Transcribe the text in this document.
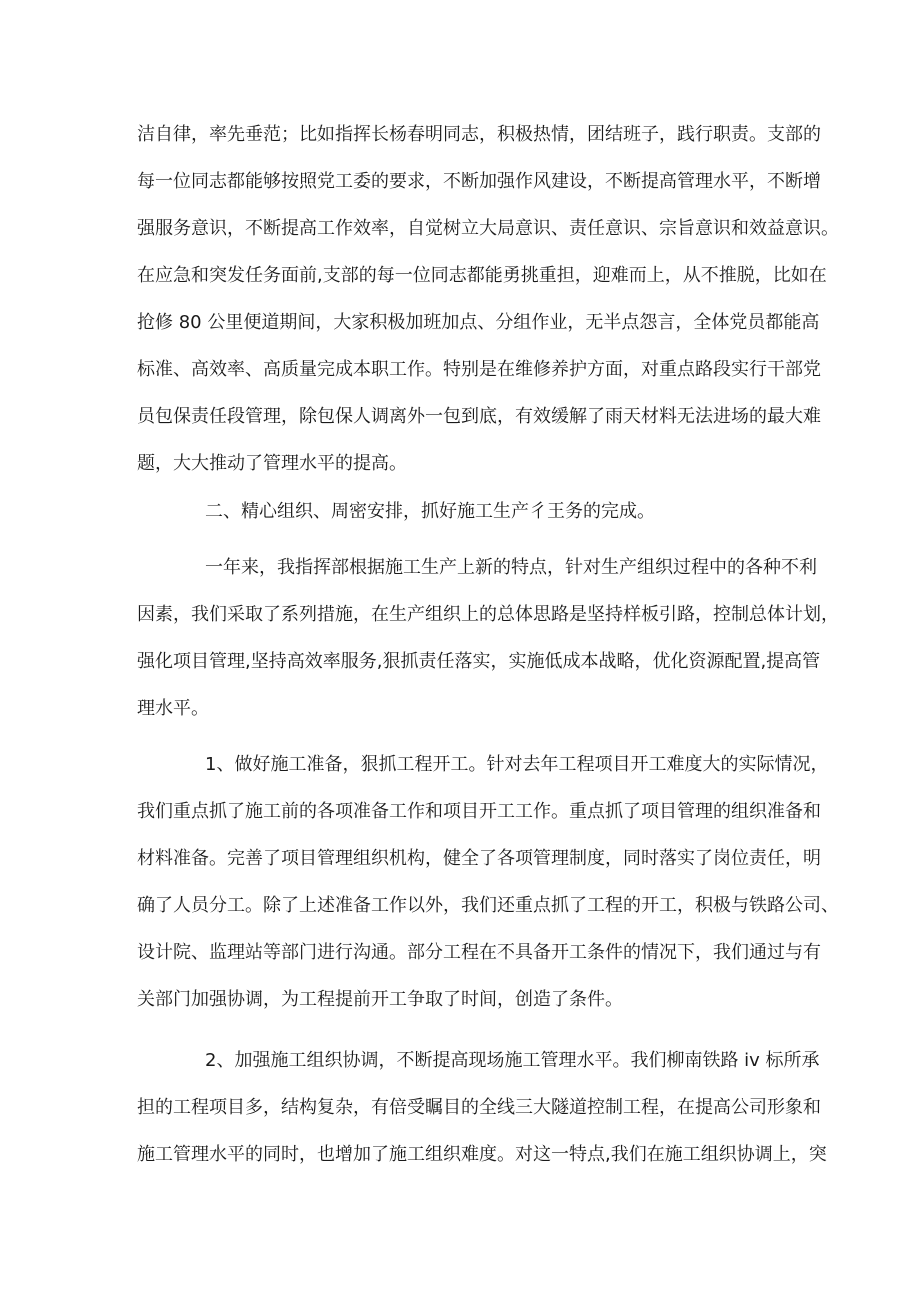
洁自律，率先垂范；比如指挥长杨春明同志，积极热情，团结班子，践行职责。支部的

每一位同志都能够按照党工委的要求，不断加强作风建设，不断提高管理水平，不断增

强服务意识，不断提高工作效率，自觉树立大局意识、责任意识、宗旨意识和效益意识。

在应急和突发任务面前,支部的每一位同志都能勇挑重担，迎难而上，从不推脱，比如在

抢修 80 公里便道期间，大家积极加班加点、分组作业，无半点怨言，全体党员都能高

标准、高效率、高质量完成本职工作。特别是在维修养护方面，对重点路段实行干部党

员包保责任段管理，除包保人调离外一包到底，有效缓解了雨天材料无法进场的最大难

题，大大推动了管理水平的提高。

二、精心组织、周密安排，抓好施工生产彳王务的完成。

一年来，我指挥部根据施工生产上新的特点，针对生产组织过程中的各种不利

因素，我们采取了系列措施，在生产组织上的总体思路是坚持样板引路，控制总体计划，

强化项目管理,坚持高效率服务,狠抓责任落实，实施低成本战略，优化资源配置,提高管

理水平。

1、做好施工准备，狠抓工程开工。针对去年工程项目开工难度大的实际情况，

我们重点抓了施工前的各项准备工作和项目开工工作。重点抓了项目管理的组织准备和

材料准备。完善了项目管理组织机构，健全了各项管理制度，同时落实了岗位责任，明

确了人员分工。除了上述准备工作以外，我们还重点抓了工程的开工，积极与铁路公司、

设计院、监理站等部门进行沟通。部分工程在不具备开工条件的情况下，我们通过与有

关部门加强协调，为工程提前开工争取了时间，创造了条件。

2、加强施工组织协调，不断提高现场施工管理水平。我们柳南铁路 iv 标所承

担的工程项目多，结构复杂，有倍受瞩目的全线三大隧道控制工程，在提高公司形象和

施工管理水平的同时，也增加了施工组织难度。对这一特点,我们在施工组织协调上，突
